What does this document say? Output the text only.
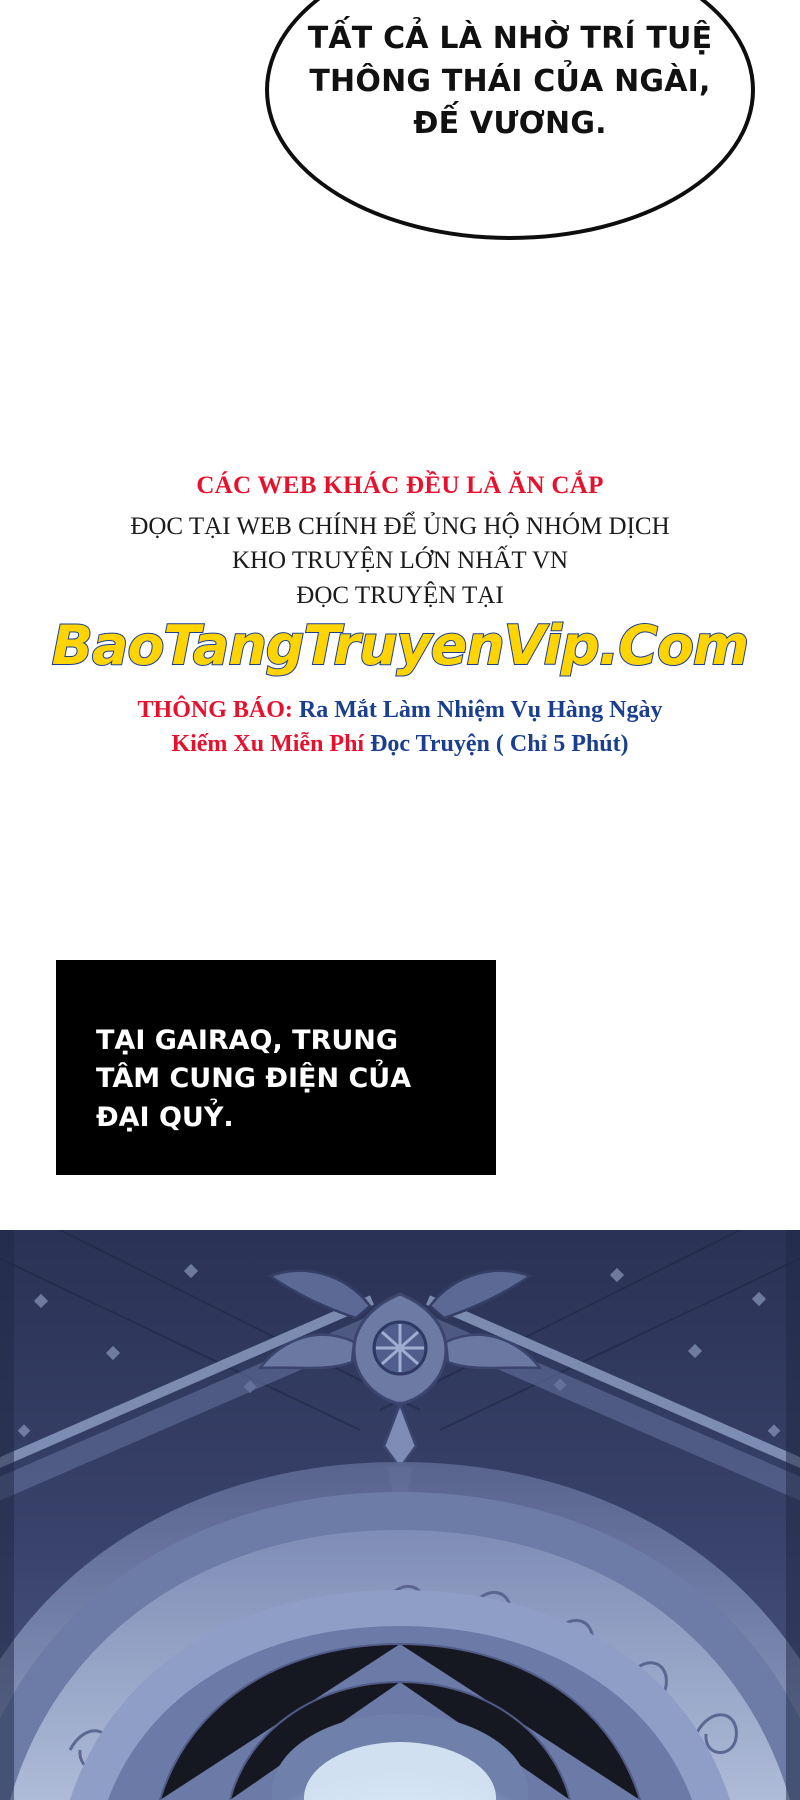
TẤT CẢ LÀ NHỜ TRÍ TUỆ THÔNG THÁI CỦA NGÀI, ĐẾ VƯƠNG.
CÁC WEB KHÁC ĐỀU LÀ ĂN CẮP
ĐỌC TẠI WEB CHÍNH ĐỂ ỦNG HỘ NHÓM DỊCH
KHO TRUYỆN LỚN NHẤT VN
ĐỌC TRUYỆN TẠI
BaoTangTruyenVip.Com
THÔNG BÁO: Ra Mắt Làm Nhiệm Vụ Hàng Ngày
Kiếm Xu Miễn Phí Đọc Truyện ( Chỉ 5 Phút)
TẠI GAIRAQ, TRUNG TÂM CUNG ĐIỆN CỦA ĐẠI QUỶ.
